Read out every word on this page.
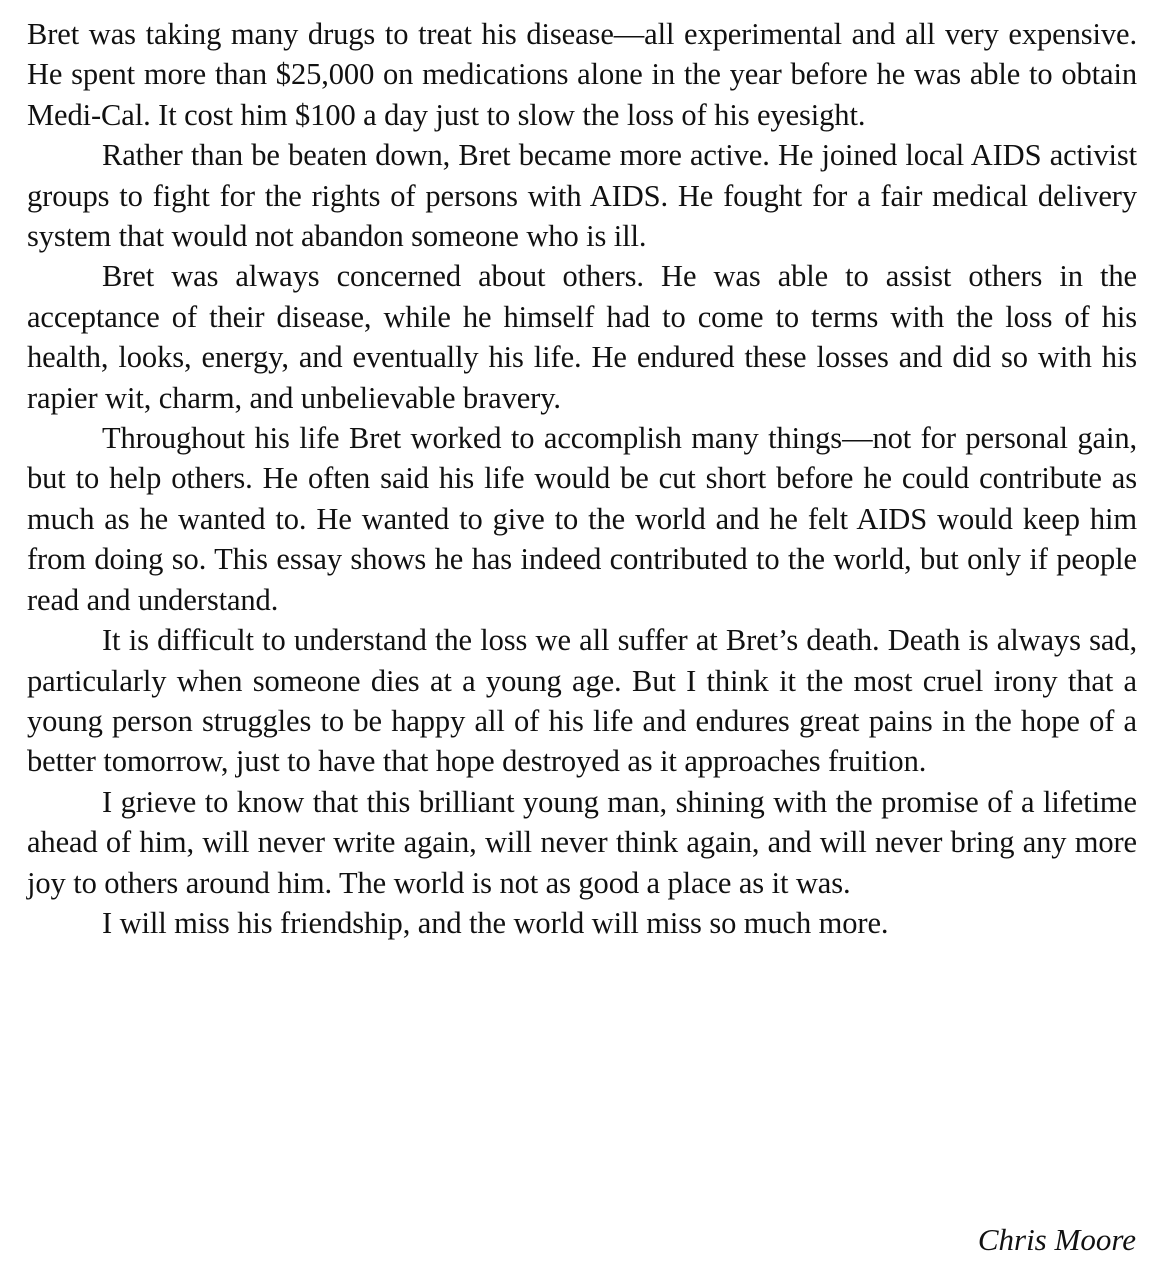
Bret was taking many drugs to treat his disease—all experimental and all very expensive. He spent more than $25,000 on medications alone in the year before he was able to obtain Medi-Cal. It cost him $100 a day just to slow the loss of his eyesight.

Rather than be beaten down, Bret became more active. He joined local AIDS activist groups to fight for the rights of persons with AIDS. He fought for a fair medical delivery system that would not abandon someone who is ill.

Bret was always concerned about others. He was able to assist others in the acceptance of their disease, while he himself had to come to terms with the loss of his health, looks, energy, and eventually his life. He endured these losses and did so with his rapier wit, charm, and unbelievable bravery.

Throughout his life Bret worked to accomplish many things—not for personal gain, but to help others. He often said his life would be cut short before he could contribute as much as he wanted to. He wanted to give to the world and he felt AIDS would keep him from doing so. This essay shows he has indeed contributed to the world, but only if people read and understand.

It is difficult to understand the loss we all suffer at Bret’s death. Death is always sad, particularly when someone dies at a young age. But I think it the most cruel irony that a young person struggles to be happy all of his life and endures great pains in the hope of a better tomorrow, just to have that hope destroyed as it approaches fruition.

I grieve to know that this brilliant young man, shining with the promise of a lifetime ahead of him, will never write again, will never think again, and will never bring any more joy to others around him. The world is not as good a place as it was.

I will miss his friendship, and the world will miss so much more.

Chris Moore
